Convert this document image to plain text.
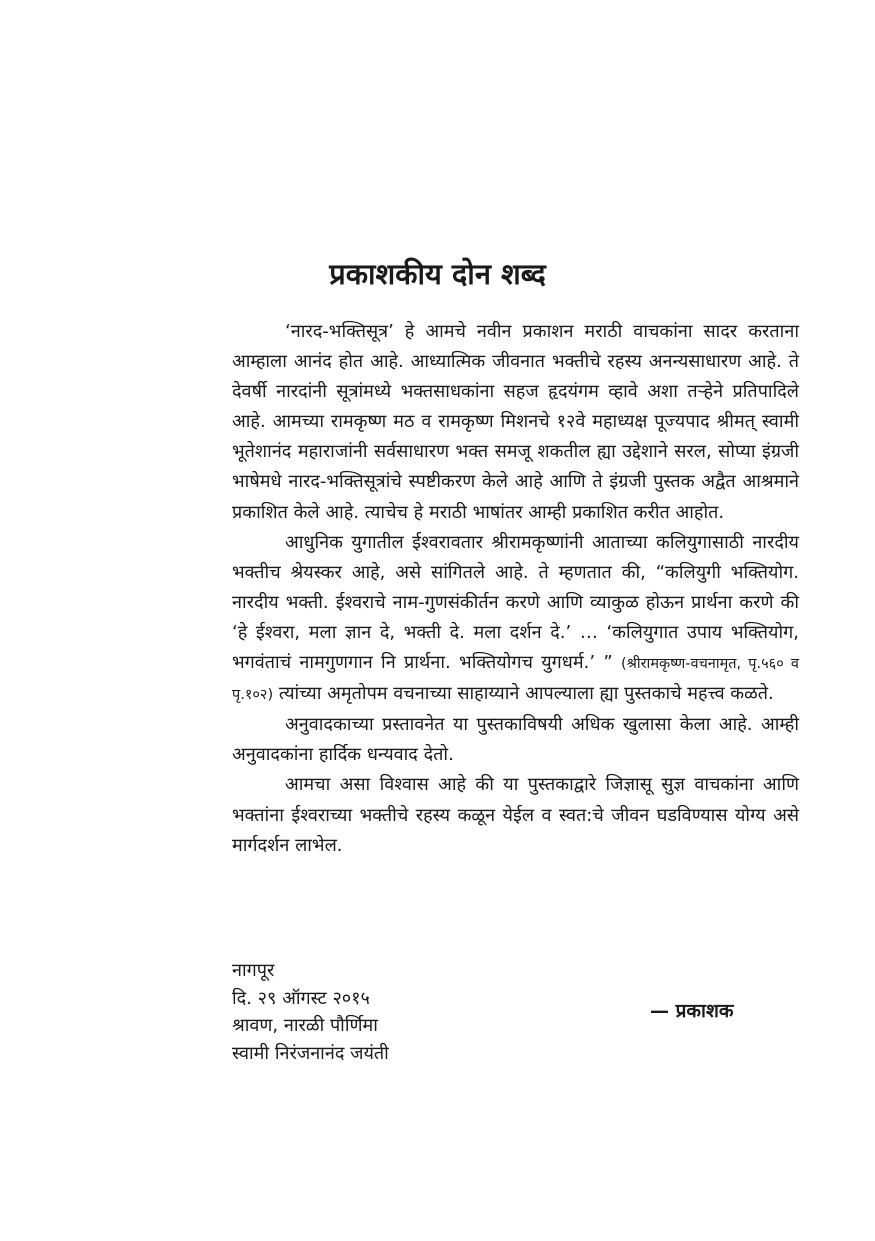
प्रकाशकीय दोन शब्द

‘नारद-भक्तिसूत्र’ हे आमचे नवीन प्रकाशन मराठी वाचकांना सादर करताना आम्हाला आनंद होत आहे. आध्यात्मिक जीवनात भक्तीचे रहस्य अनन्यसाधारण आहे. ते देवर्षी नारदांनी सूत्रांमध्ये भक्तसाधकांना सहज हृदयंगम व्हावे अशा तऱ्हेने प्रतिपादिले आहे. आमच्या रामकृष्ण मठ व रामकृष्ण मिशनचे १२वे महाध्यक्ष पूज्यपाद श्रीमत् स्वामी भूतेशानंद महाराजांनी सर्वसाधारण भक्त समजू शकतील ह्या उद्देशाने सरल, सोप्या इंग्रजी भाषेमधे नारद-भक्तिसूत्रांचे स्पष्टीकरण केले आहे आणि ते इंग्रजी पुस्तक अद्वैत आश्रमाने प्रकाशित केले आहे. त्याचेच हे मराठी भाषांतर आम्ही प्रकाशित करीत आहोत.

आधुनिक युगातील ईश्वरावतार श्रीरामकृष्णांनी आताच्या कलियुगासाठी नारदीय भक्तीच श्रेयस्कर आहे, असे सांगितले आहे. ते म्हणतात की, “कलियुगी भक्तियोग. नारदीय भक्ती. ईश्वराचे नाम-गुणसंकीर्तन करणे आणि व्याकुळ होऊन प्रार्थना करणे की ‘हे ईश्वरा, मला ज्ञान दे, भक्ती दे. मला दर्शन दे.’ … ‘कलियुगात उपाय भक्तियोग, भगवंताचं नामगुणगान नि प्रार्थना. भक्तियोगच युगधर्म.’ ” (श्रीरामकृष्ण-वचनामृत, पृ.५६० व पृ.१०२) त्यांच्या अमृतोपम वचनाच्या साहाय्याने आपल्याला ह्या पुस्तकाचे महत्त्व कळते.

अनुवादकाच्या प्रस्तावनेत या पुस्तकाविषयी अधिक खुलासा केला आहे. आम्ही अनुवादकांना हार्दिक धन्यवाद देतो.

आमचा असा विश्वास आहे की या पुस्तकाद्वारे जिज्ञासू सुज्ञ वाचकांना आणि भक्तांना ईश्वराच्या भक्तीचे रहस्य कळून येईल व स्वत:चे जीवन घडविण्यास योग्य असे मार्गदर्शन लाभेल.

नागपूर
दि. २९ ऑगस्ट २०१५
श्रावण, नारळी पौर्णिमा
स्वामी निरंजनानंद जयंती
— प्रकाशक
